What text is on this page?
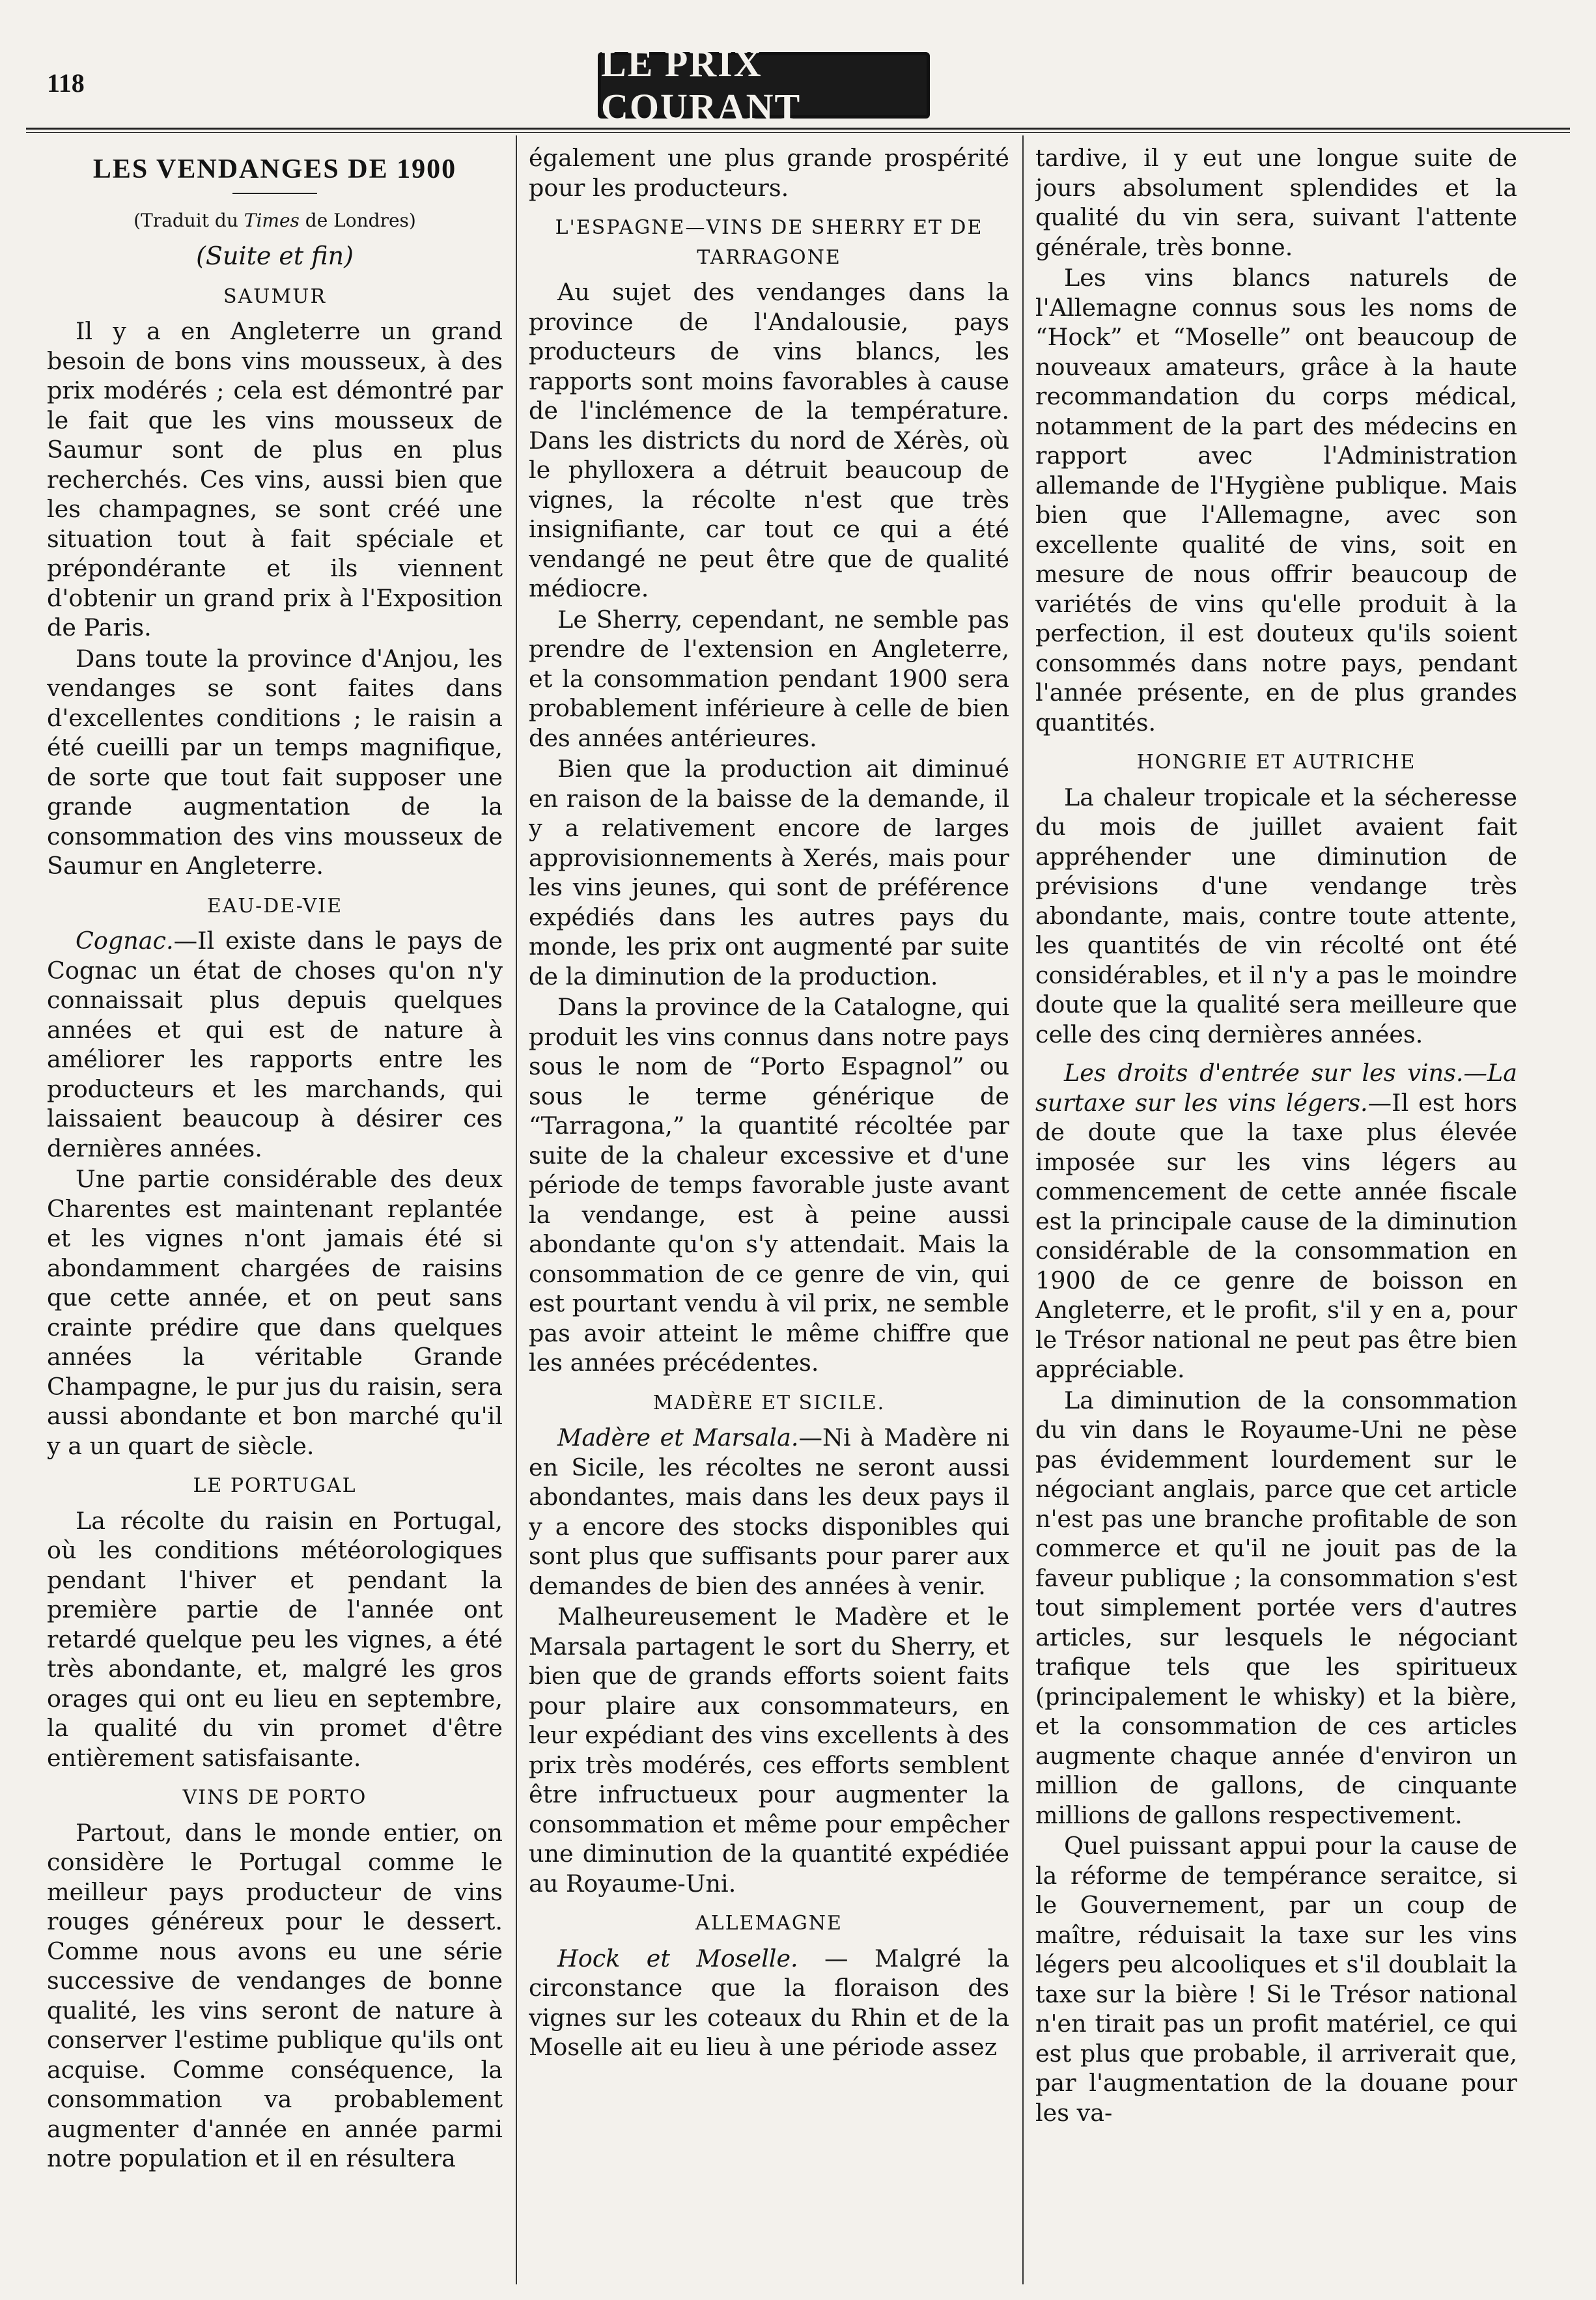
118	LE PRIX COURANT
LES VENDANGES DE 1900
(Traduit du Times de Londres)
(Suite et fin)
SAUMUR

Il y a en Angleterre un grand besoin de bons vins mousseux, à des prix modérés ; cela est démontré par le fait que les vins mousseux de Saumur sont de plus en plus recherchés. Ces vins, aussi bien que les champagnes, se sont créé une situation tout à fait spéciale et prépondérante et ils viennent d'obtenir un grand prix à l'Exposition de Paris.

Dans toute la province d'Anjou, les vendanges se sont faites dans d'excellentes conditions ; le raisin a été cueilli par un temps magnifique, de sorte que tout fait supposer une grande augmentation de la consommation des vins mousseux de Saumur en Angleterre.

EAU-DE-VIE

Cognac.—Il existe dans le pays de Cognac un état de choses qu'on n'y connaissait plus depuis quelques années et qui est de nature à améliorer les rapports entre les producteurs et les marchands, qui laissaient beaucoup à désirer ces dernières années.

Une partie considérable des deux Charentes est maintenant replantée et les vignes n'ont jamais été si abondamment chargées de raisins que cette année, et on peut sans crainte prédire que dans quelques années la véritable Grande Champagne, le pur jus du raisin, sera aussi abondante et bon marché qu'il y a un quart de siècle.

LE PORTUGAL

La récolte du raisin en Portugal, où les conditions météorologiques pendant l'hiver et pendant la première partie de l'année ont retardé quelque peu les vignes, a été très abondante, et, malgré les gros orages qui ont eu lieu en septembre, la qualité du vin promet d'être entièrement satisfaisante.

VINS DE PORTO

Partout, dans le monde entier, on considère le Portugal comme le meilleur pays producteur de vins rouges généreux pour le dessert. Comme nous avons eu une série successive de vendanges de bonne qualité, les vins seront de nature à conserver l'estime publique qu'ils ont acquise. Comme conséquence, la consommation va probablement augmenter d'année en année parmi notre population et il en résultera

également une plus grande prospérité pour les producteurs.

L'ESPAGNE—VINS DE SHERRY ET DE TARRAGONE

Au sujet des vendanges dans la province de l'Andalousie, pays producteurs de vins blancs, les rapports sont moins favorables à cause de l'inclémence de la température. Dans les districts du nord de Xérès, où le phylloxera a détruit beaucoup de vignes, la récolte n'est que très insignifiante, car tout ce qui a été vendangé ne peut être que de qualité médiocre.

Le Sherry, cependant, ne semble pas prendre de l'extension en Angleterre, et la consommation pendant 1900 sera probablement inférieure à celle de bien des années antérieures.

Bien que la production ait diminué en raison de la baisse de la demande, il y a relativement encore de larges approvisionnements à Xerés, mais pour les vins jeunes, qui sont de préférence expédiés dans les autres pays du monde, les prix ont augmenté par suite de la diminution de la production.

Dans la province de la Catalogne, qui produit les vins connus dans notre pays sous le nom de “Porto Espagnol” ou sous le terme générique de “Tarragona,” la quantité récoltée par suite de la chaleur excessive et d'une période de temps favorable juste avant la vendange, est à peine aussi abondante qu'on s'y attendait. Mais la consommation de ce genre de vin, qui est pourtant vendu à vil prix, ne semble pas avoir atteint le même chiffre que les années précédentes.

MADÈRE ET SICILE.

Madère et Marsala.—Ni à Madère ni en Sicile, les récoltes ne seront aussi abondantes, mais dans les deux pays il y a encore des stocks disponibles qui sont plus que suffisants pour parer aux demandes de bien des années à venir.

Malheureusement le Madère et le Marsala partagent le sort du Sherry, et bien que de grands efforts soient faits pour plaire aux consommateurs, en leur expédiant des vins excellents à des prix très modérés, ces efforts semblent être infructueux pour augmenter la consommation et même pour empêcher une diminution de la quantité expédiée au Royaume-Uni.

ALLEMAGNE

Hock et Moselle. — Malgré la circonstance que la floraison des vignes sur les coteaux du Rhin et de la Moselle ait eu lieu à une période assez

tardive, il y eut une longue suite de jours absolument splendides et la qualité du vin sera, suivant l'attente générale, très bonne.

Les vins blancs naturels de l'Allemagne connus sous les noms de “Hock” et “Moselle” ont beaucoup de nouveaux amateurs, grâce à la haute recommandation du corps médical, notamment de la part des médecins en rapport avec l'Administration allemande de l'Hygiène publique. Mais bien que l'Allemagne, avec son excellente qualité de vins, soit en mesure de nous offrir beaucoup de variétés de vins qu'elle produit à la perfection, il est douteux qu'ils soient consommés dans notre pays, pendant l'année présente, en de plus grandes quantités.

HONGRIE ET AUTRICHE

La chaleur tropicale et la sécheresse du mois de juillet avaient fait appréhender une diminution de prévisions d'une vendange très abondante, mais, contre toute attente, les quantités de vin récolté ont été considérables, et il n'y a pas le moindre doute que la qualité sera meilleure que celle des cinq dernières années.

Les droits d'entrée sur les vins.—La surtaxe sur les vins légers.—Il est hors de doute que la taxe plus élevée imposée sur les vins légers au commencement de cette année fiscale est la principale cause de la diminution considérable de la consommation en 1900 de ce genre de boisson en Angleterre, et le profit, s'il y en a, pour le Trésor national ne peut pas être bien appréciable.

La diminution de la consommation du vin dans le Royaume-Uni ne pèse pas évidemment lourdement sur le négociant anglais, parce que cet article n'est pas une branche profitable de son commerce et qu'il ne jouit pas de la faveur publique ; la consommation s'est tout simplement portée vers d'autres articles, sur lesquels le négociant trafique tels que les spiritueux (principalement le whisky) et la bière, et la consommation de ces articles augmente chaque année d'environ un million de gallons, de cinquante millions de gallons respectivement.

Quel puissant appui pour la cause de la réforme de tempérance seraitce, si le Gouvernement, par un coup de maître, réduisait la taxe sur les vins légers peu alcooliques et s'il doublait la taxe sur la bière ! Si le Trésor national n'en tirait pas un profit matériel, ce qui est plus que probable, il arriverait que, par l'augmentation de la douane pour les va-
